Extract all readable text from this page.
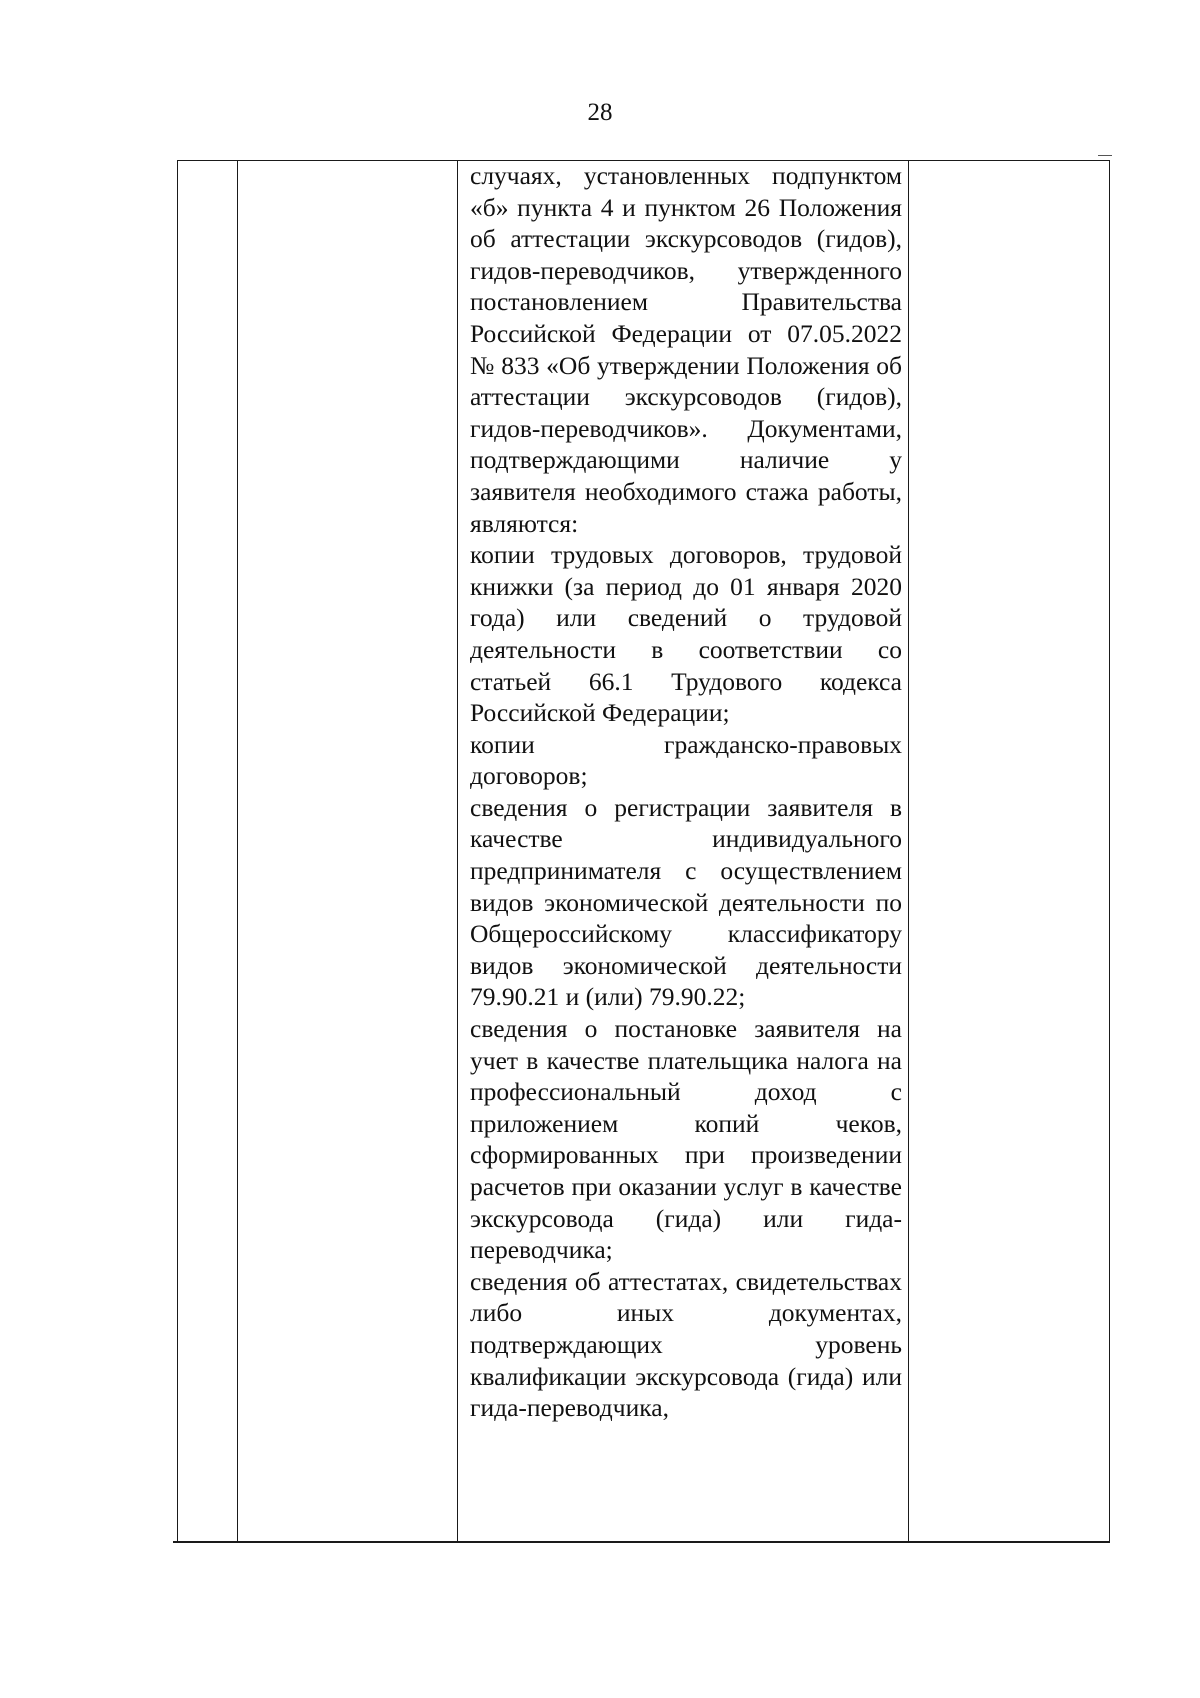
28

случаях, установленных подпунктом «б» пункта 4 и пунктом 26 Положения об аттестации экскурсоводов (гидов), гидов-переводчиков, утвержденного постановлением Правительства Российской Федерации от 07.05.2022 № 833 «Об утверждении Положения об аттестации экскурсоводов (гидов), гидов-переводчиков». Документами, подтверждающими наличие у заявителя необходимого стажа работы, являются:

копии трудовых договоров, трудовой книжки (за период до 01 января 2020 года) или сведений о трудовой деятельности в соответствии со статьей 66.1 Трудового кодекса Российской Федерации;

копии гражданско-правовых договоров;

сведения о регистрации заявителя в качестве индивидуального предпринимателя с осуществлением видов экономической деятельности по Общероссийскому классификатору видов экономической деятельности 79.90.21 и (или) 79.90.22;

сведения о постановке заявителя на учет в качестве плательщика налога на профессиональный доход с приложением копий чеков, сформированных при произведении расчетов при оказании услуг в качестве экскурсовода (гида) или гида-переводчика;

сведения об аттестатах, свидетельствах либо иных документах, подтверждающих уровень квалификации экскурсовода (гида) или гида-переводчика,
